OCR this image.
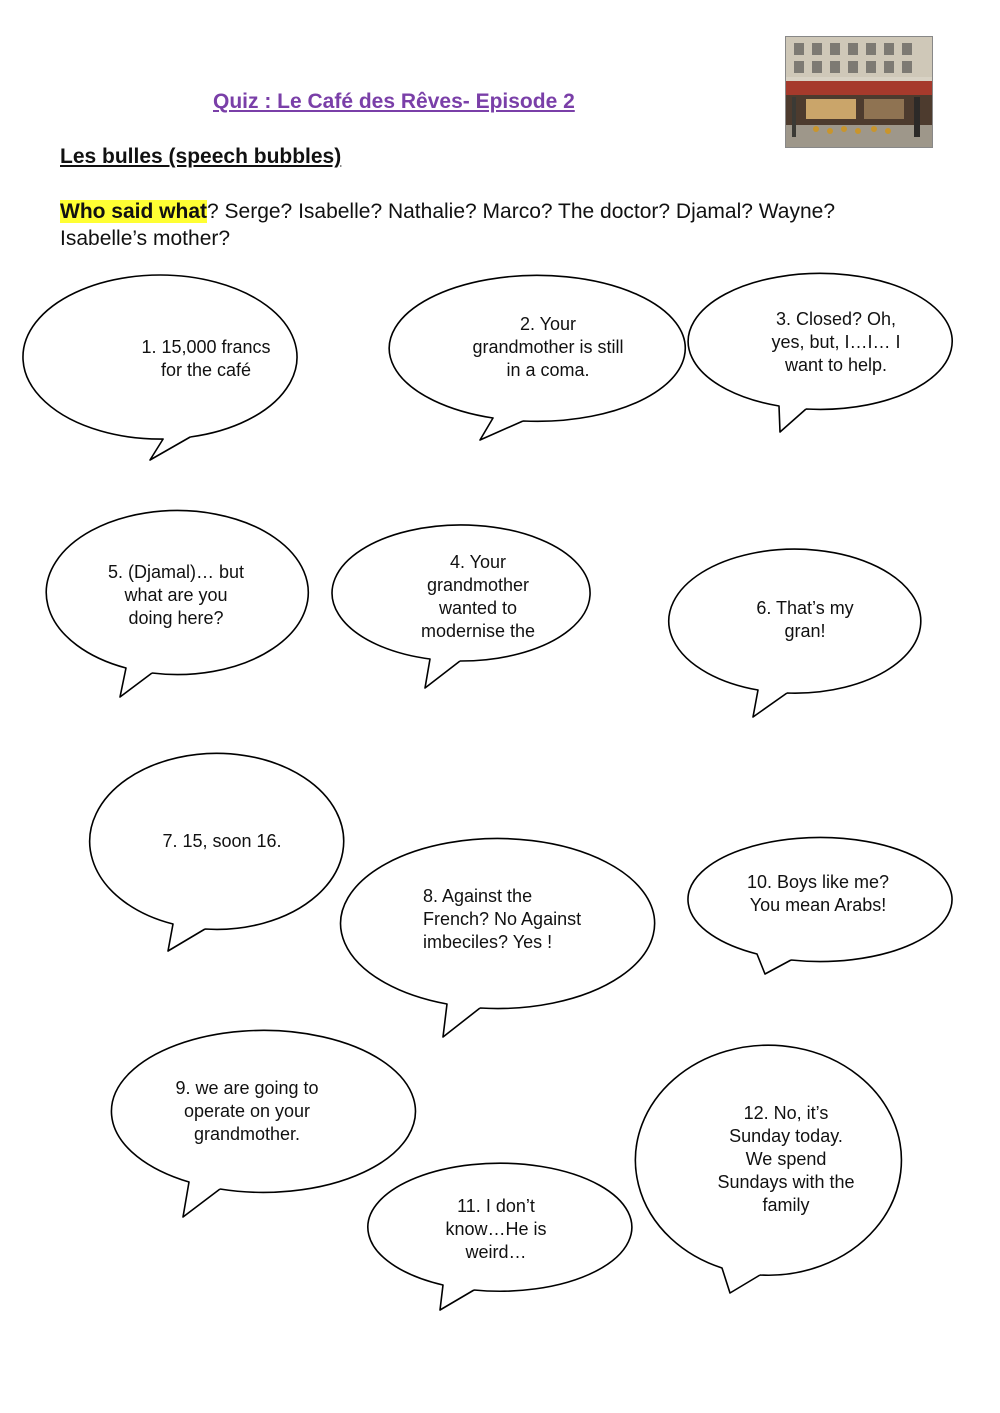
Quiz : Le Café des Rêves- Episode 2
Les bulles (speech bubbles)
Who said what? Serge? Isabelle? Nathalie? Marco? The doctor? Djamal? Wayne? Isabelle’s mother?
1. 15,000 francs
for the café
2. Your
grandmother is still
in a coma.
3. Closed? Oh,
yes, but, I…I… I
want to help.
5. (Djamal)… but
what are you
doing here?
4. Your
grandmother
wanted to
modernise the
6. That’s my
gran!
7. 15, soon 16.
8. Against the
French? No Against
imbeciles? Yes !
10. Boys like me?
You mean Arabs!
9. we are going to
operate on your
grandmother.
11. I don’t
know…He is
weird…
12. No, it’s
Sunday today.
We spend
Sundays with the
family
